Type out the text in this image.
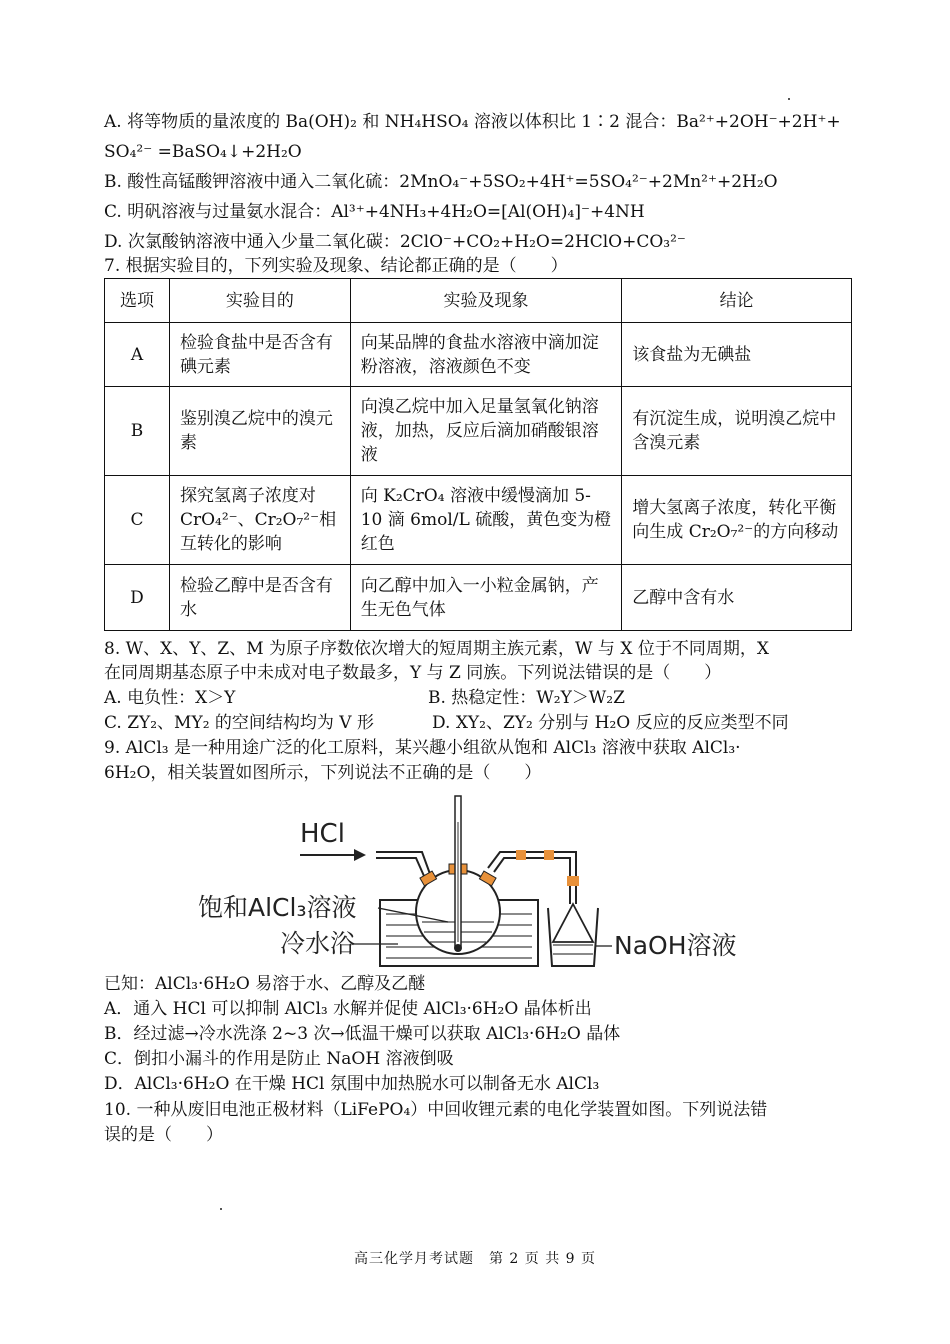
A. 将等物质的量浓度的 Ba(OH)₂ 和 NH₄HSO₄ 溶液以体积比 1∶2 混合：Ba²⁺+2OH⁻+2H⁺+
SO₄²⁻ =BaSO₄↓+2H₂O
B. 酸性高锰酸钾溶液中通入二氧化硫：2MnO₄⁻+5SO₂+4H⁺=5SO₄²⁻+2Mn²⁺+2H₂O
C. 明矾溶液与过量氨水混合：Al³⁺+4NH₃+4H₂O=[Al(OH)₄]⁻+4NH
D. 次氯酸钠溶液中通入少量二氧化碳：2ClO⁻+CO₂+H₂O=2HClO+CO₃²⁻
7. 根据实验目的，下列实验及现象、结论都正确的是（　　）
选项	实验目的	实验及现象	结论
A	检验食盐中是否含有碘元素	向某品牌的食盐水溶液中滴加淀粉溶液，溶液颜色不变	该食盐为无碘盐
B	鉴别溴乙烷中的溴元素	向溴乙烷中加入足量氢氧化钠溶液，加热，反应后滴加硝酸银溶液	有沉淀生成，说明溴乙烷中含溴元素
C	探究氢离子浓度对CrO₄²⁻、Cr₂O₇²⁻相互转化的影响	向 K₂CrO₄ 溶液中缓慢滴加 5-10 滴 6mol/L 硫酸，黄色变为橙红色	增大氢离子浓度，转化平衡向生成 Cr₂O₇²⁻的方向移动
D	检验乙醇中是否含有水	向乙醇中加入一小粒金属钠，产生无色气体	乙醇中含有水
8. W、X、Y、Z、M 为原子序数依次增大的短周期主族元素，W 与 X 位于不同周期，X
在同周期基态原子中未成对电子数最多，Y 与 Z 同族。下列说法错误的是（　　）
A. 电负性：X＞Y	B. 热稳定性：W₂Y＞W₂Z
C. ZY₂、MY₂ 的空间结构均为 V 形	D. XY₂、ZY₂ 分别与 H₂O 反应的反应类型不同
9. AlCl₃ 是一种用途广泛的化工原料，某兴趣小组欲从饱和 AlCl₃ 溶液中获取 AlCl₃·
6H₂O，相关装置如图所示，下列说法不正确的是（　　）
HCl
饱和AlCl₃溶液
冷水浴	NaOH溶液
已知：AlCl₃·6H₂O 易溶于水、乙醇及乙醚
A．通入 HCl 可以抑制 AlCl₃ 水解并促使 AlCl₃·6H₂O 晶体析出
B．经过滤→冷水洗涤 2~3 次→低温干燥可以获取 AlCl₃·6H₂O 晶体
C．倒扣小漏斗的作用是防止 NaOH 溶液倒吸
D．AlCl₃·6H₂O 在干燥 HCl 氛围中加热脱水可以制备无水 AlCl₃
10. 一种从废旧电池正极材料（LiFePO₄）中回收锂元素的电化学装置如图。下列说法错
误的是（　　）
高三化学月考试题　第 2 页 共 9 页
